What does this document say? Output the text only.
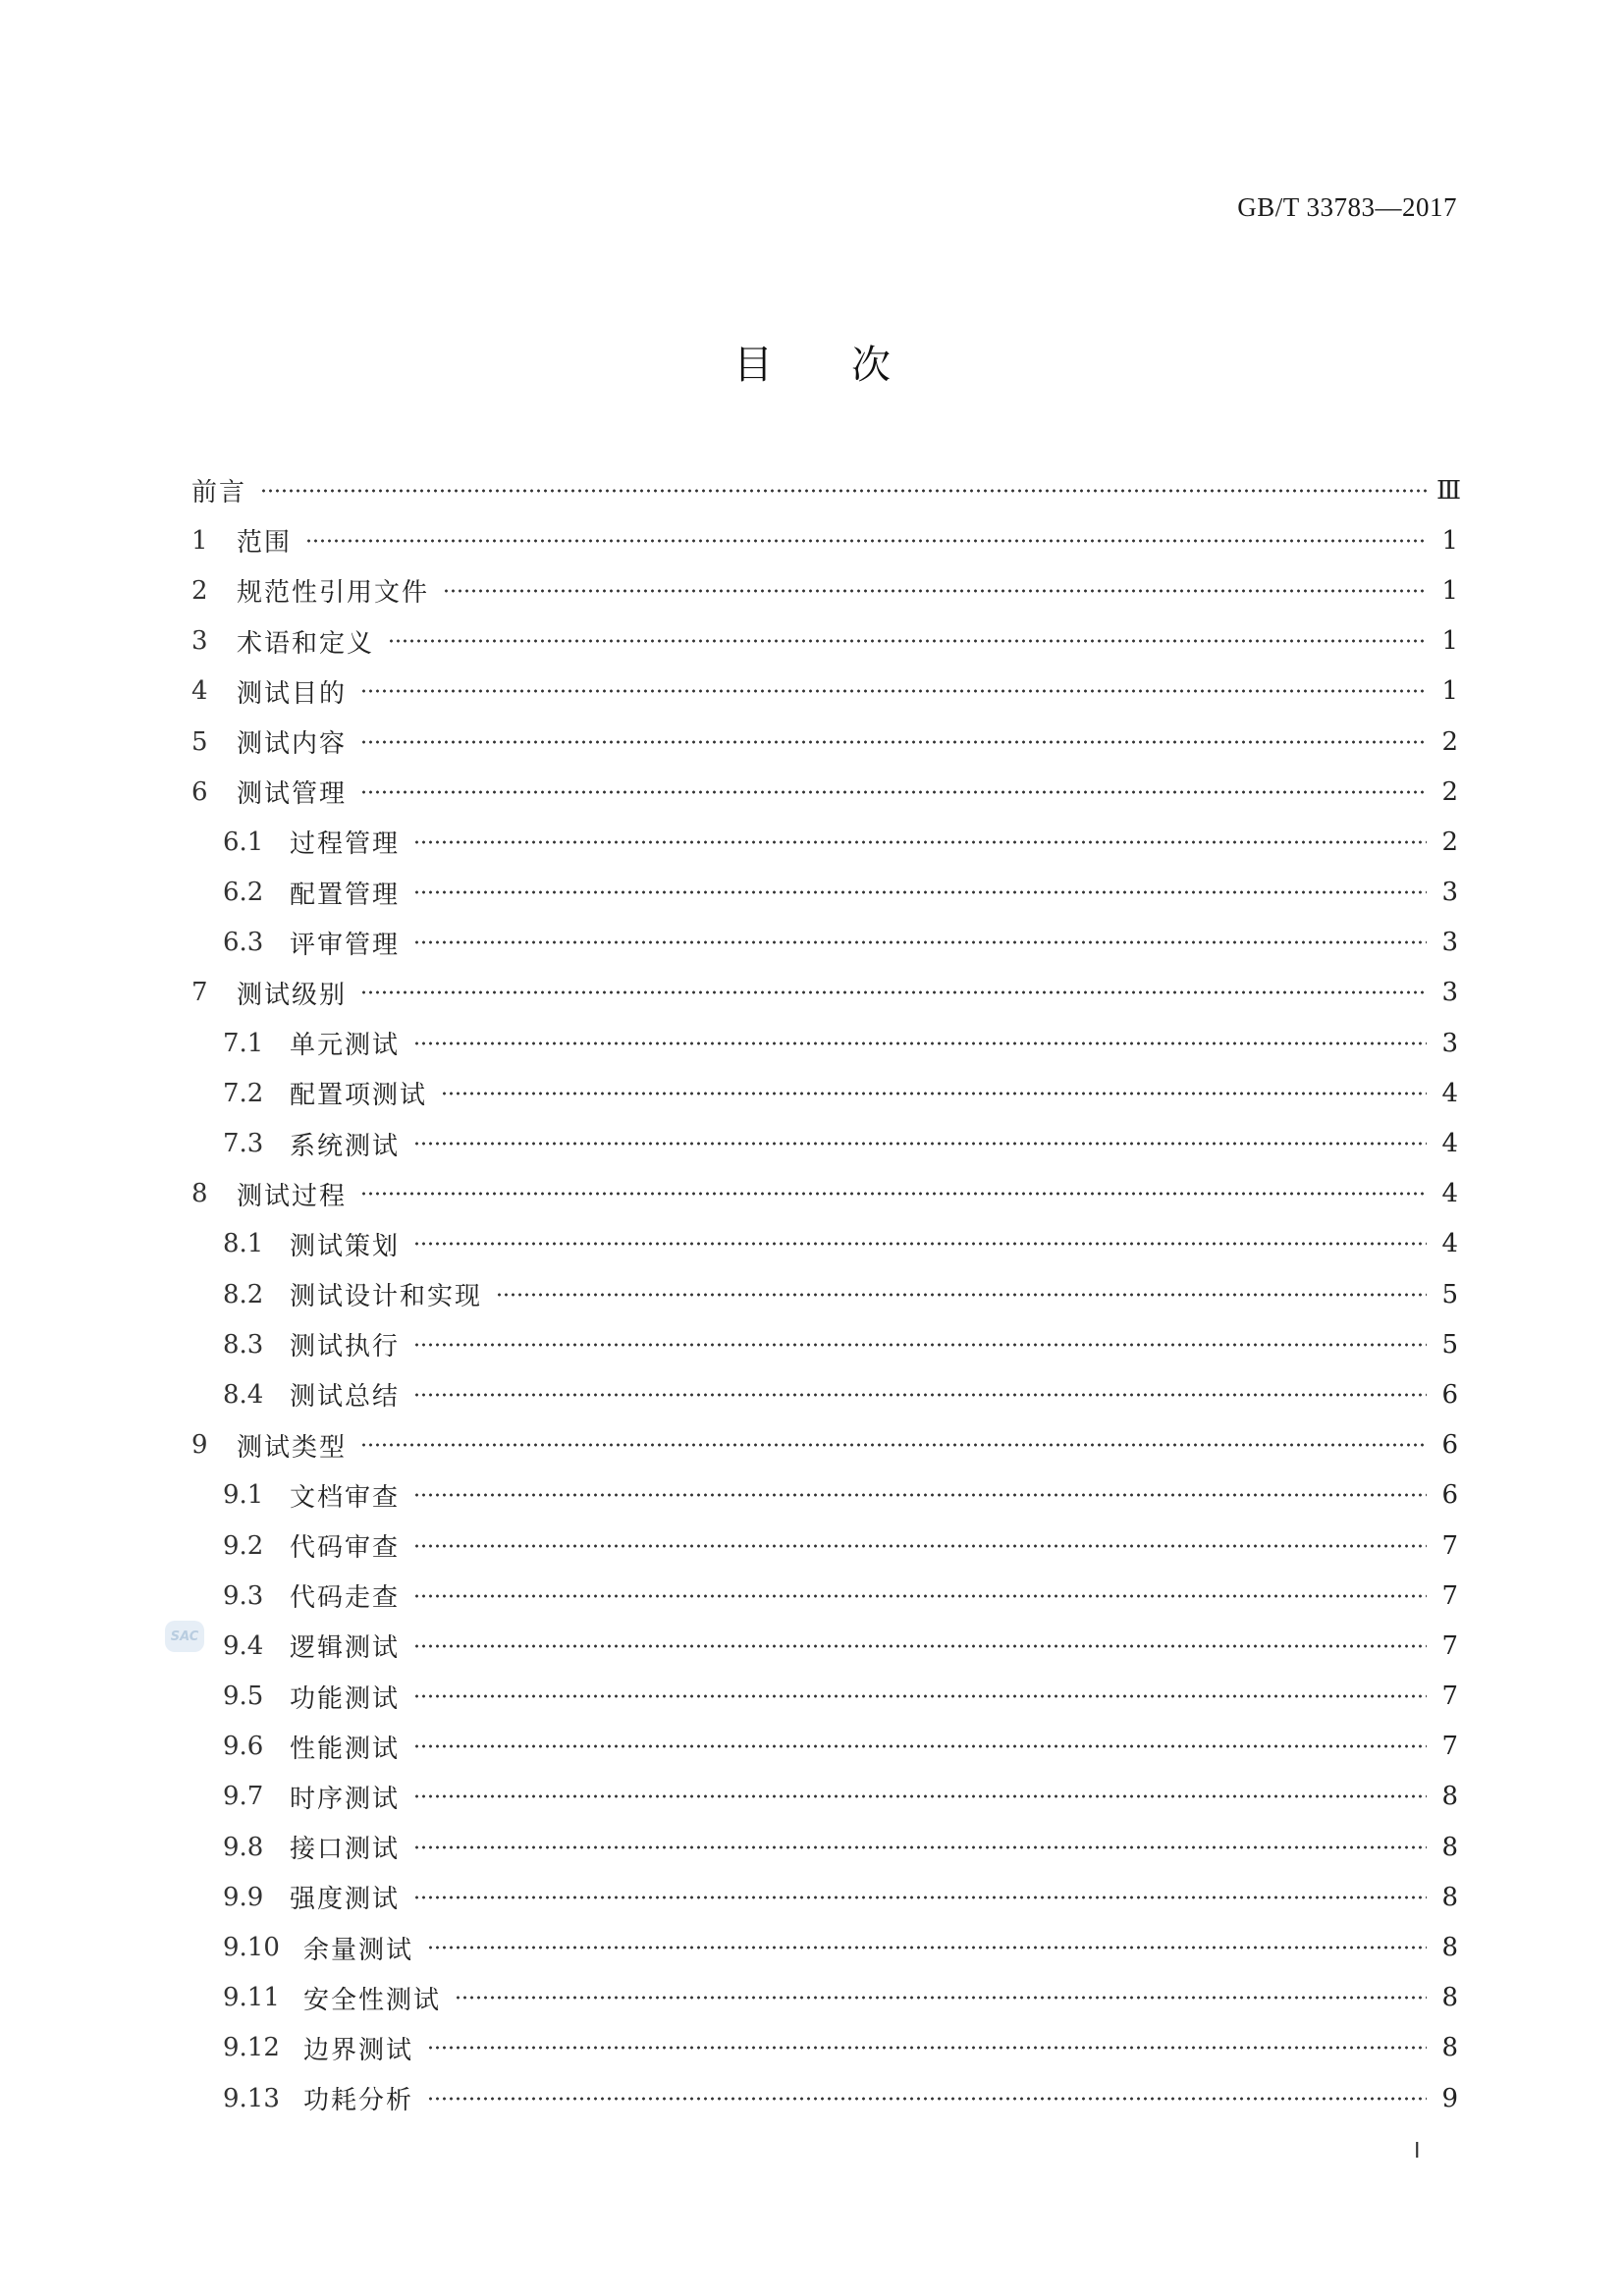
GB/T 33783—2017
目　　次
前言	Ⅲ
1	范围	1
2	规范性引用文件	1
3	术语和定义	1
4	测试目的	1
5	测试内容	2
6	测试管理	2
6.1	过程管理	2
6.2	配置管理	3
6.3	评审管理	3
7	测试级别	3
7.1	单元测试	3
7.2	配置项测试	4
7.3	系统测试	4
8	测试过程	4
8.1	测试策划	4
8.2	测试设计和实现	5
8.3	测试执行	5
8.4	测试总结	6
9	测试类型	6
9.1	文档审查	6
9.2	代码审查	7
9.3	代码走查	7
9.4	逻辑测试	7
9.5	功能测试	7
9.6	性能测试	7
9.7	时序测试	8
9.8	接口测试	8
9.9	强度测试	8
9.10 余量测试	8
9.11 安全性测试	8
9.12 边界测试	8
9.13 功耗分析	9
SAC
Ⅰ
